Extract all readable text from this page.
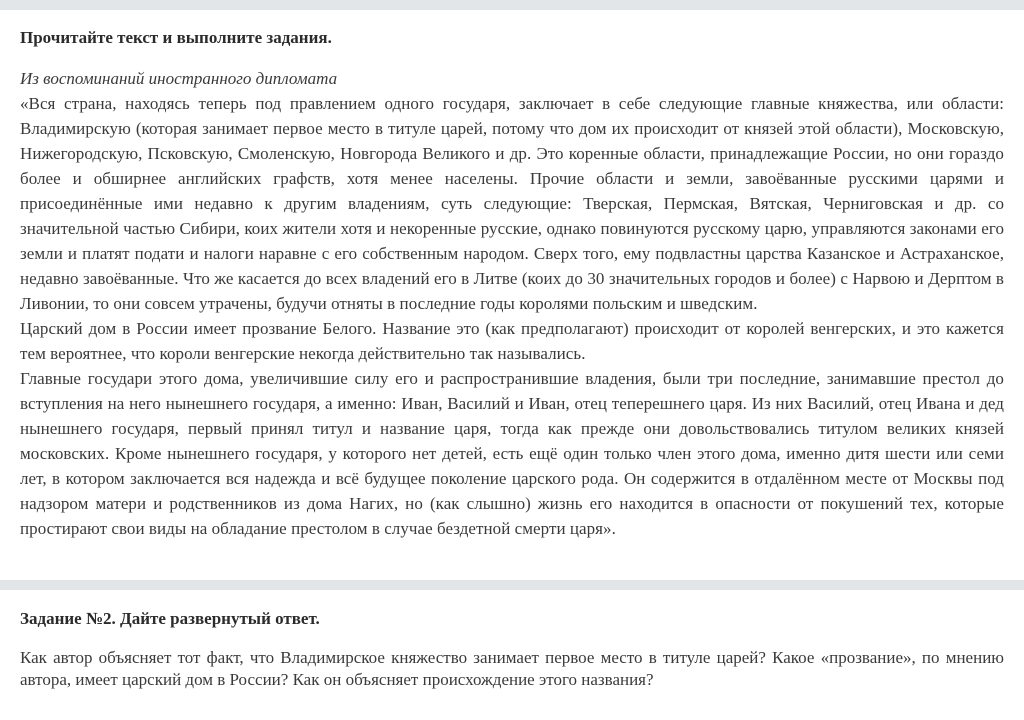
Прочитайте текст и выполните задания.

Из воспоминаний иностранного дипломата

«Вся страна, находясь теперь под правлением одного государя, заключает в себе следующие главные княжества, или области: Владимирскую (которая занимает первое место в титуле царей, потому что дом их происходит от князей этой области), Московскую, Нижегородскую, Псковскую, Смоленскую, Новгорода Великого и др. Это коренные области, принадлежащие России, но они гораздо более и обширнее английских графств, хотя менее населены. Прочие области и земли, завоёванные русскими царями и присоединённые ими недавно к другим владениям, суть следующие: Тверская, Пермская, Вятская, Черниговская и др. со значительной частью Сибири, коих жители хотя и некоренные русские, однако повинуются русскому царю, управляются законами его земли и платят подати и налоги наравне с его собственным народом. Сверх того, ему подвластны царства Казанское и Астраханское, недавно завоёванные. Что же касается до всех владений его в Литве (коих до 30 значительных городов и более) с Нарвою и Дерптом в Ливонии, то они совсем утрачены, будучи отняты в последние годы королями польским и шведским.

Царский дом в России имеет прозвание Белого. Название это (как предполагают) происходит от королей венгерских, и это кажется тем вероятнее, что короли венгерские некогда действительно так назывались.

Главные государи этого дома, увеличившие силу его и распространившие владения, были три последние, занимавшие престол до вступления на него нынешнего государя, а именно: Иван, Василий и Иван, отец теперешнего царя. Из них Василий, отец Ивана и дед нынешнего государя, первый принял титул и название царя, тогда как прежде они довольствовались титулом великих князей московских. Кроме нынешнего государя, у которого нет детей, есть ещё один только член этого дома, именно дитя шести или семи лет, в котором заключается вся надежда и всё будущее поколение царского рода. Он содержится в отдалённом месте от Москвы под надзором матери и родственников из дома Нагих, но (как слышно) жизнь его находится в опасности от покушений тех, которые простирают свои виды на обладание престолом в случае бездетной смерти царя».

Задание №2. Дайте развернутый ответ.

Как автор объясняет тот факт, что Владимирское княжество занимает первое место в титуле царей? Какое «прозвание», по мнению автора, имеет царский дом в России? Как он объясняет происхождение этого названия?
